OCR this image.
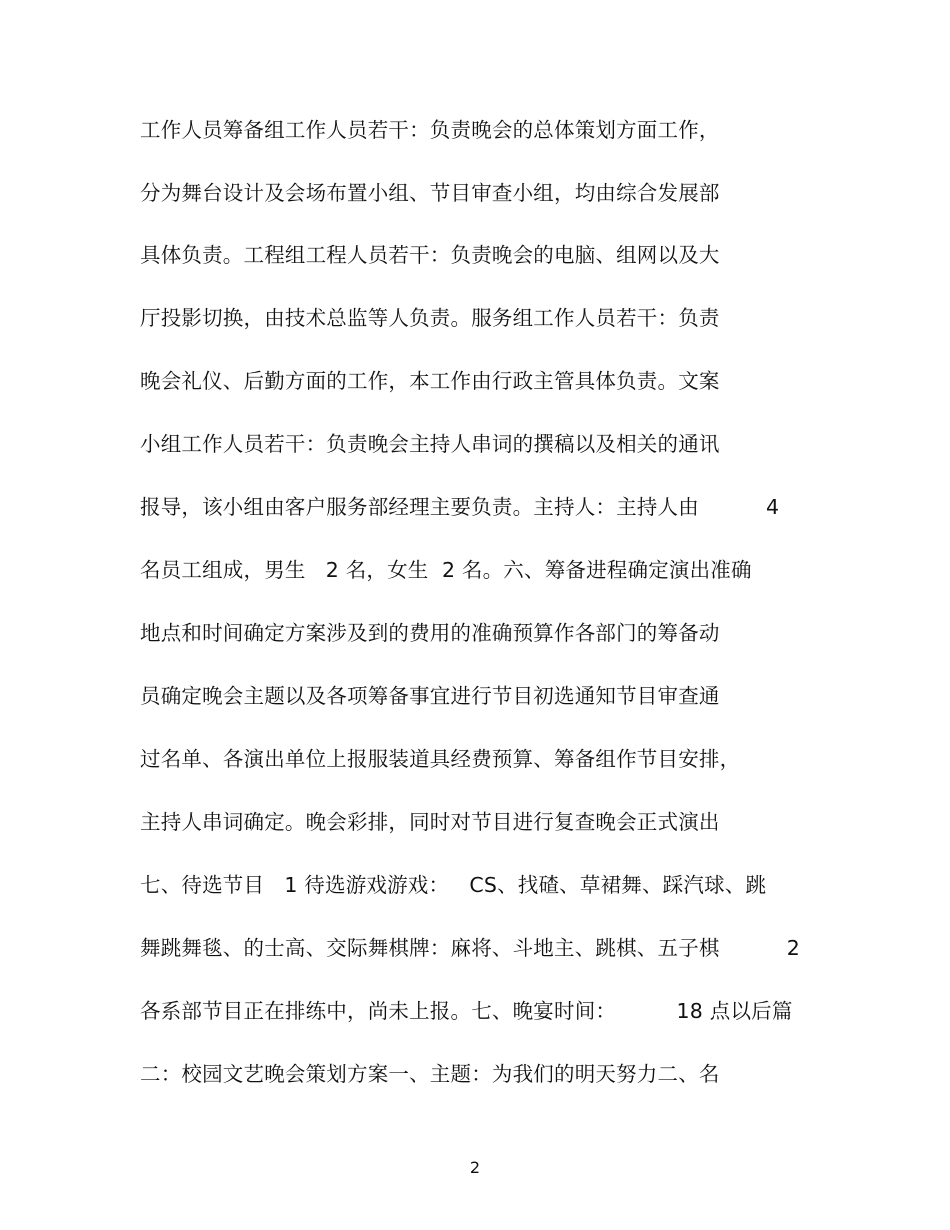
工作人员筹备组工作人员若干：负责晚会的总体策划方面工作，
分为舞台设计及会场布置小组、节目审查小组，均由综合发展部
具体负责。工程组工程人员若干：负责晚会的电脑、组网以及大
厅投影切换，由技术总监等人负责。服务组工作人员若干：负责
晚会礼仪、后勤方面的工作，本工作由行政主管具体负责。文案
小组工作人员若干：负责晚会主持人串词的撰稿以及相关的通讯
报导，该小组由客户服务部经理主要负责。主持人：主持人由          4
名员工组成，男生   2 名，女生  2 名。六、筹备进程确定演出准确
地点和时间确定方案涉及到的费用的准确预算作各部门的筹备动
员确定晚会主题以及各项筹备事宜进行节目初选通知节目审查通
过名单、各演出单位上报服装道具经费预算、筹备组作节目安排，
主持人串词确定。晚会彩排，同时对节目进行复查晚会正式演出
七、待选节目   1 待选游戏游戏：   CS、找碴、草裙舞、踩汽球、跳
舞跳舞毯、的士高、交际舞棋牌：麻将、斗地主、跳棋、五子棋          2
各系部节目正在排练中，尚未上报。七、晚宴时间：         18 点以后篇
二：校园文艺晚会策划方案一、主题：为我们的明天努力二、名
2
